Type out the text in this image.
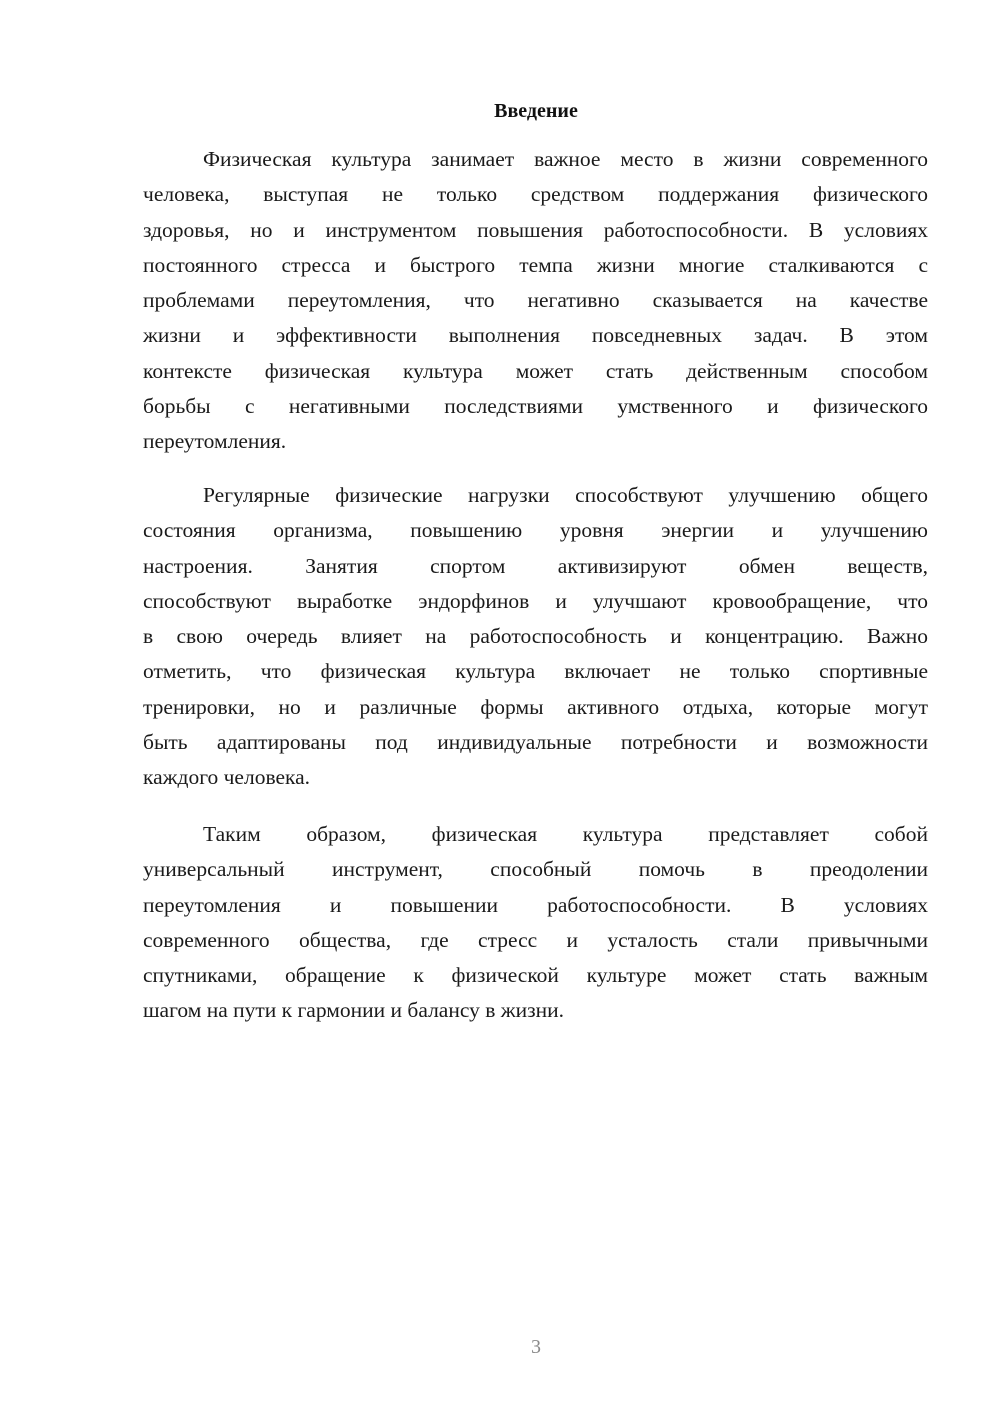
Введение
Физическая культура занимает важное место в жизни современного
человека, выступая не только средством поддержания физического
здоровья, но и инструментом повышения работоспособности. В условиях
постоянного стресса и быстрого темпа жизни многие сталкиваются с
проблемами переутомления, что негативно сказывается на качестве
жизни и эффективности выполнения повседневных задач. В этом
контексте физическая культура может стать действенным способом
борьбы с негативными последствиями умственного и физического
переутомления.
Регулярные физические нагрузки способствуют улучшению общего
состояния организма, повышению уровня энергии и улучшению
настроения. Занятия спортом активизируют обмен веществ,
способствуют выработке эндорфинов и улучшают кровообращение, что
в свою очередь влияет на работоспособность и концентрацию. Важно
отметить, что физическая культура включает не только спортивные
тренировки, но и различные формы активного отдыха, которые могут
быть адаптированы под индивидуальные потребности и возможности
каждого человека.
Таким образом, физическая культура представляет собой
универсальный инструмент, способный помочь в преодолении
переутомления и повышении работоспособности. В условиях
современного общества, где стресс и усталость стали привычными
спутниками, обращение к физической культуре может стать важным
шагом на пути к гармонии и балансу в жизни.
3
